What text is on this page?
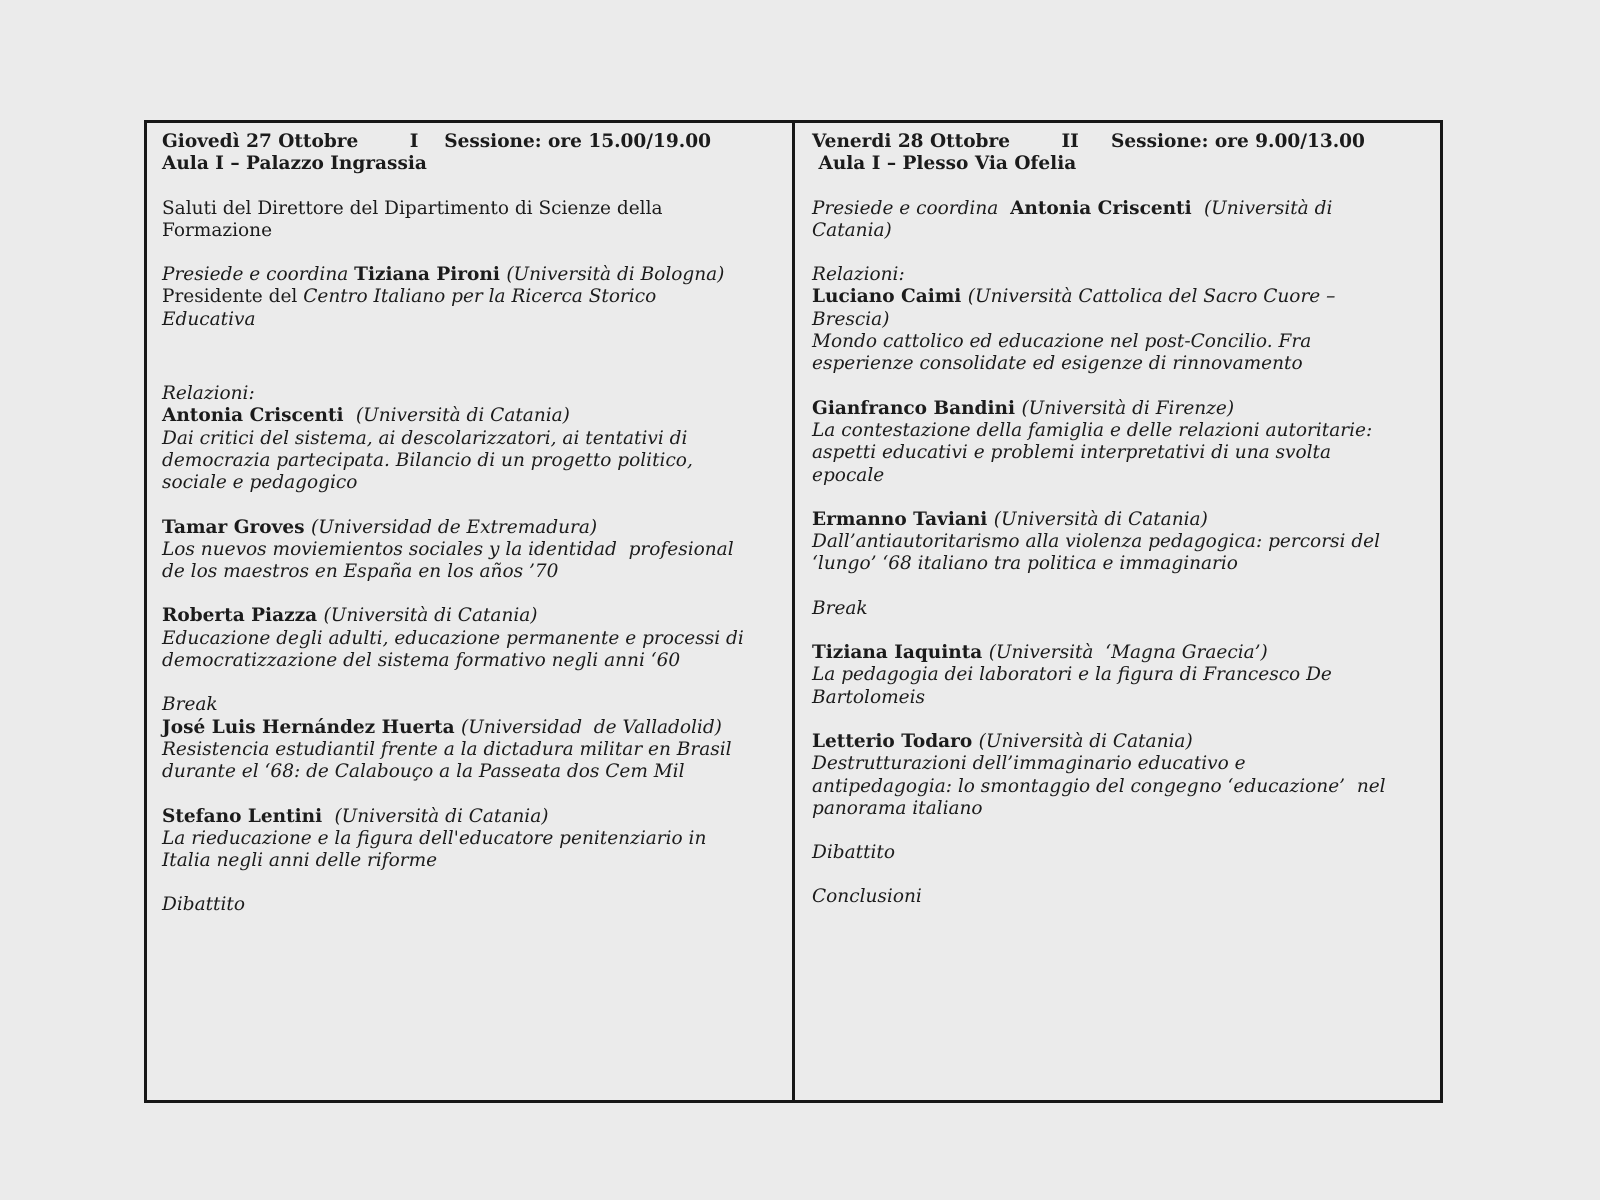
Giovedì 27 Ottobre        I    Sessione: ore 15.00/19.00
Aula I – Palazzo Ingrassia

Saluti del Direttore del Dipartimento di Scienze della
Formazione

Presiede e coordina Tiziana Pironi (Università di Bologna)
Presidente del Centro Italiano per la Ricerca Storico
Educativa

Relazioni:
Antonia Criscenti  (Università di Catania)
Dai critici del sistema, ai descolarizzatori, ai tentativi di
democrazia partecipata. Bilancio di un progetto politico,
sociale e pedagogico

Tamar Groves (Universidad de Extremadura)
Los nuevos moviemientos sociales y la identidad  profesional
de los maestros en España en los años ’70

Roberta Piazza (Università di Catania)
Educazione degli adulti, educazione permanente e processi di
democratizzazione del sistema formativo negli anni ‘60

Break
José Luis Hernández Huerta (Universidad  de Valladolid)
Resistencia estudiantil frente a la dictadura militar en Brasil
durante el ‘68: de Calabouço a la Passeata dos Cem Mil

Stefano Lentini  (Università di Catania)
La rieducazione e la figura dell'educatore penitenziario in
Italia negli anni delle riforme

Dibattito

Venerdi 28 Ottobre        II     Sessione: ore 9.00/13.00
Aula I – Plesso Via Ofelia

Presiede e coordina  Antonia Criscenti  (Università di
Catania)

Relazioni:
Luciano Caimi (Università Cattolica del Sacro Cuore –
Brescia)
Mondo cattolico ed educazione nel post-Concilio. Fra
esperienze consolidate ed esigenze di rinnovamento

Gianfranco Bandini (Università di Firenze)
La contestazione della famiglia e delle relazioni autoritarie:
aspetti educativi e problemi interpretativi di una svolta
epocale

Ermanno Taviani (Università di Catania)
Dall’antiautoritarismo alla violenza pedagogica: percorsi del
‘lungo’ ‘68 italiano tra politica e immaginario

Break

Tiziana Iaquinta (Università  ‘Magna Graecia’)
La pedagogia dei laboratori e la figura di Francesco De
Bartolomeis

Letterio Todaro (Università di Catania)
Destrutturazioni dell’immaginario educativo e
antipedagogia: lo smontaggio del congegno ‘educazione’  nel
panorama italiano

Dibattito

Conclusioni
